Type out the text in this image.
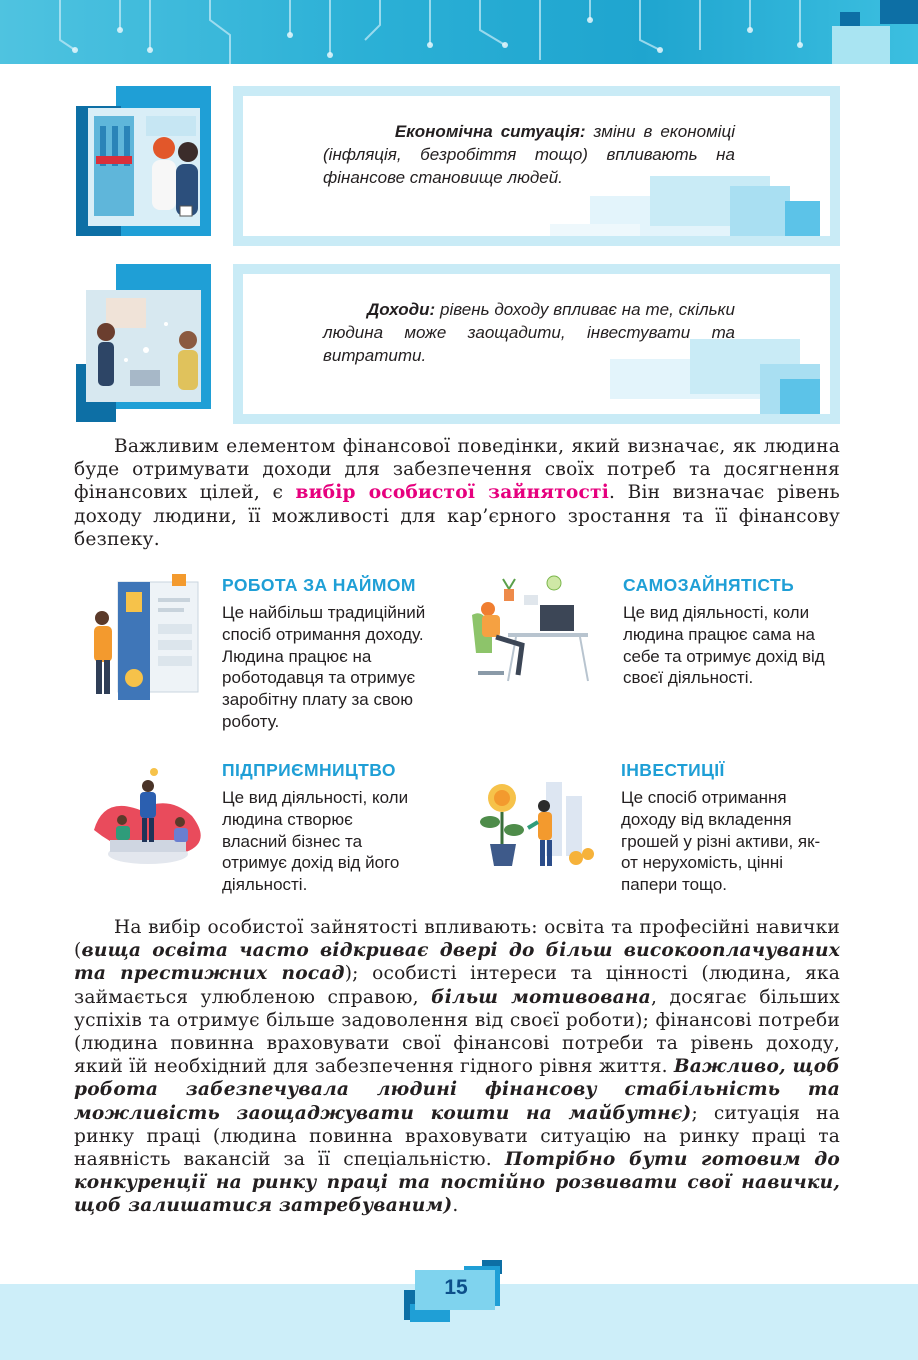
Економічна ситуація: зміни в економіці (інфляція, безробіття тощо) впливають на фінансове становище людей.

Доходи: рівень доходу впливає на те, скільки людина може заощадити, інвестувати та витратити.

Важливим елементом фінансової поведінки, який визначає, як людина буде отримувати доходи для забезпечення своїх потреб та досягнення фінансових цілей, є вибір особистої зайнятості. Він визначає рівень доходу людини, її можливості для кар’єрного зростання та її фінансову безпеку.

РОБОТА ЗА НАЙМОМ
Це найбільш традиційний спосіб отримання доходу. Людина працює на роботодавця та отримує заробітну плату за свою роботу.
САМОЗАЙНЯТІСТЬ
Це вид діяльності, коли людина працює сама на себе та отримує дохід від своєї діяльності.
ПІДПРИЄМНИЦТВО
Це вид діяльності, коли людина створює власний бізнес та отримує дохід від його діяльності.
ІНВЕСТИЦІЇ
Це спосіб отримання доходу від вкладення грошей у різні активи, як-от нерухомість, цінні папери тощо.

На вибір особистої зайнятості впливають: освіта та професійні навички (вища освіта часто відкриває двері до більш високооплачуваних та престижних посад); особисті інтереси та цінності (людина, яка займається улюбленою справою, більш мотивована, досягає більших успіхів та отримує більше задоволення від своєї роботи); фінансові потреби (людина повинна враховувати свої фінансові потреби та рівень доходу, який їй необхідний для забезпечення гідного рівня життя. Важливо, щоб робота забезпечувала людині фінансову стабільність та можливість заощаджувати кошти на майбутнє); ситуація на ринку праці (людина повинна враховувати ситуацію на ринку праці та наявність вакансій за її спеціальністю. Потрібно бути готовим до конкуренції на ринку праці та постійно розвивати свої навички, щоб залишатися затребуваним).

15
